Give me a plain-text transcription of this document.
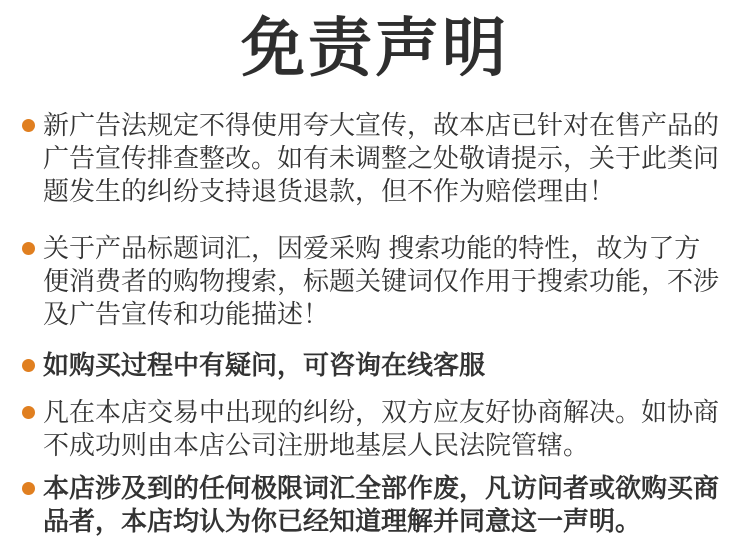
免责声明
新广告法规定不得使用夸大宣传，故本店已针对在售产品的广告宣传排查整改。如有未调整之处敬请提示，关于此类问题发生的纠纷支持退货退款，但不作为赔偿理由！
关于产品标题词汇，因爱采购 搜索功能的特性，故为了方便消费者的购物搜索，标题关键词仅作用于搜索功能，不涉及广告宣传和功能描述！
如购买过程中有疑问，可咨询在线客服
凡在本店交易中出现的纠纷，双方应友好协商解决。如协商不成功则由本店公司注册地基层人民法院管辖。
本店涉及到的任何极限词汇全部作废，凡访问者或欲购买商品者，本店均认为你已经知道理解并同意这一声明。
